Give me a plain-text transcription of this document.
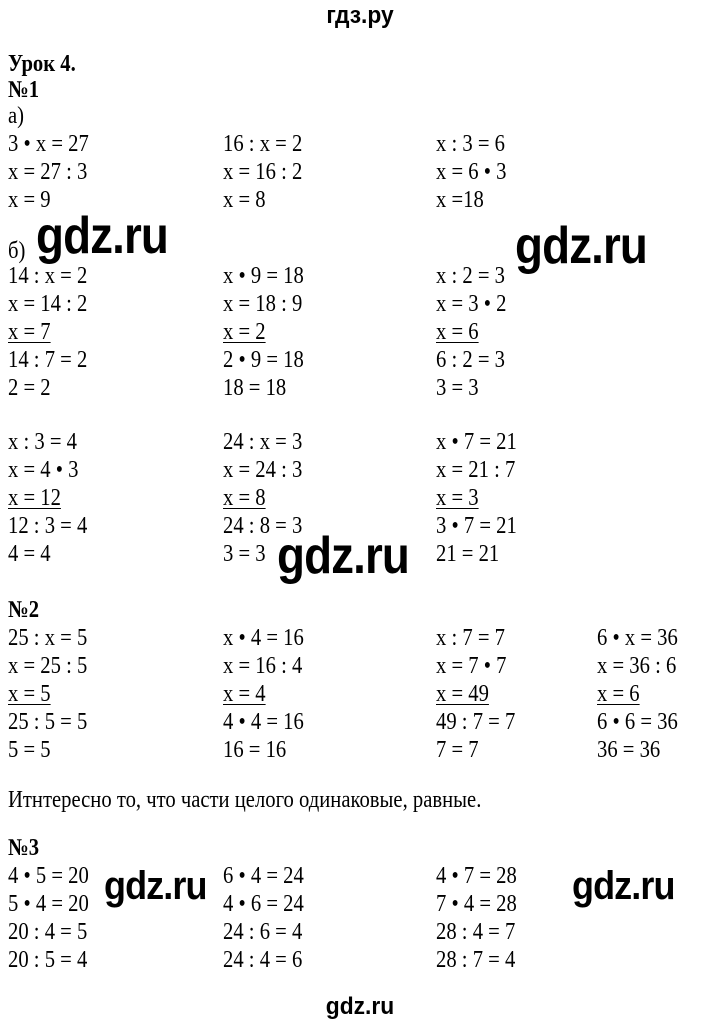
гдз.ру
Урок 4.
№1
а)
3 • x = 27
x = 27 : 3
x = 9
16 : x = 2
x = 16 : 2
x = 8
x : 3 = 6
x = 6 • 3
x =18
б) gdz.ru	gdz.ru
14 : x = 2
x = 14 : 2
x = 7
14 : 7 = 2
2 = 2
x • 9 = 18
x = 18 : 9
x = 2
2 • 9 = 18
18 = 18
x : 2 = 3
x = 3 • 2
x = 6
6 : 2 = 3
3 = 3
x : 3 = 4
x = 4 • 3
x = 12
12 : 3 = 4
4 = 4
24 : x = 3
x = 24 : 3
x = 8
24 : 8 = 3
3 = 3
x • 7 = 21
x = 21 : 7
x = 3
3 • 7 = 21
21 = 21
gdz.ru
№2
25 : x = 5
x = 25 : 5
x = 5
25 : 5 = 5
5 = 5
x • 4 = 16
x = 16 : 4
x = 4
4 • 4 = 16
16 = 16
x : 7 = 7
x = 7 • 7
x = 49
49 : 7 = 7
7 = 7
6 • x = 36
x = 36 : 6
x = 6
6 • 6 = 36
36 = 36
Итнтересно то, что части целого одинаковые, равные.
№3
4 • 5 = 20
5 • 4 = 20
20 : 4 = 5
20 : 5 = 4
6 • 4 = 24
4 • 6 = 24
24 : 6 = 4
24 : 4 = 6
4 • 7 = 28
7 • 4 = 28
28 : 4 = 7
28 : 7 = 4
gdz.ru	gdz.ru
gdz.ru
